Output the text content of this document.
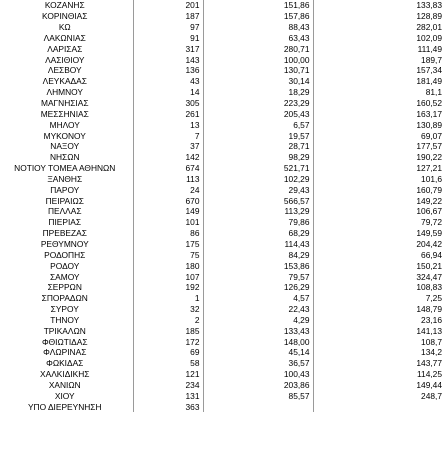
ΚΟΖΑΝΗΣ	201	151,86	133,83
ΚΟΡΙΝΘΙΑΣ	187	157,86	128,89
ΚΩ	97	88,43	282,01
ΛΑΚΩΝΙΑΣ	91	63,43	102,09
ΛΑΡΙΣΑΣ	317	280,71	111,49
ΛΑΣΙΘΙΟΥ	143	100,00	189,7
ΛΕΣΒΟΥ	136	130,71	157,34
ΛΕΥΚΑΔΑΣ	43	30,14	181,49
ΛΗΜΝΟΥ	14	18,29	81,1
ΜΑΓΝΗΣΙΑΣ	305	223,29	160,52
ΜΕΣΣΗΝΙΑΣ	261	205,43	163,17
ΜΗΛΟΥ	13	6,57	130,89
ΜΥΚΟΝΟΥ	7	19,57	69,07
ΝΑΞΟΥ	37	28,71	177,57
ΝΗΣΩΝ	142	98,29	190,22
ΝΟΤΙΟΥ ΤΟΜΕΑ ΑΘΗΝΩΝ	674	521,71	127,21
ΞΑΝΘΗΣ	113	102,29	101,6
ΠΑΡΟΥ	24	29,43	160,79
ΠΕΙΡΑΙΩΣ	670	566,57	149,22
ΠΕΛΛΑΣ	149	113,29	106,67
ΠΙΕΡΙΑΣ	101	79,86	79,72
ΠΡΕΒΕΖΑΣ	86	68,29	149,59
ΡΕΘΥΜΝΟΥ	175	114,43	204,42
ΡΟΔΟΠΗΣ	75	84,29	66,94
ΡΟΔΟΥ	180	153,86	150,21
ΣΑΜΟΥ	107	79,57	324,47
ΣΕΡΡΩΝ	192	126,29	108,83
ΣΠΟΡΑΔΩΝ	1	4,57	7,25
ΣΥΡΟΥ	32	22,43	148,79
ΤΗΝΟΥ	2	4,29	23,16
ΤΡΙΚΑΛΩΝ	185	133,43	141,13
ΦΘΙΩΤΙΔΑΣ	172	148,00	108,7
ΦΛΩΡΙΝΑΣ	69	45,14	134,2
ΦΩΚΙΔΑΣ	58	36,57	143,77
ΧΑΛΚΙΔΙΚΗΣ	121	100,43	114,25
ΧΑΝΙΩΝ	234	203,86	149,44
ΧΙΟΥ	131	85,57	248,7
ΥΠΟ ΔΙΕΡΕΥΝΗΣΗ	363		
